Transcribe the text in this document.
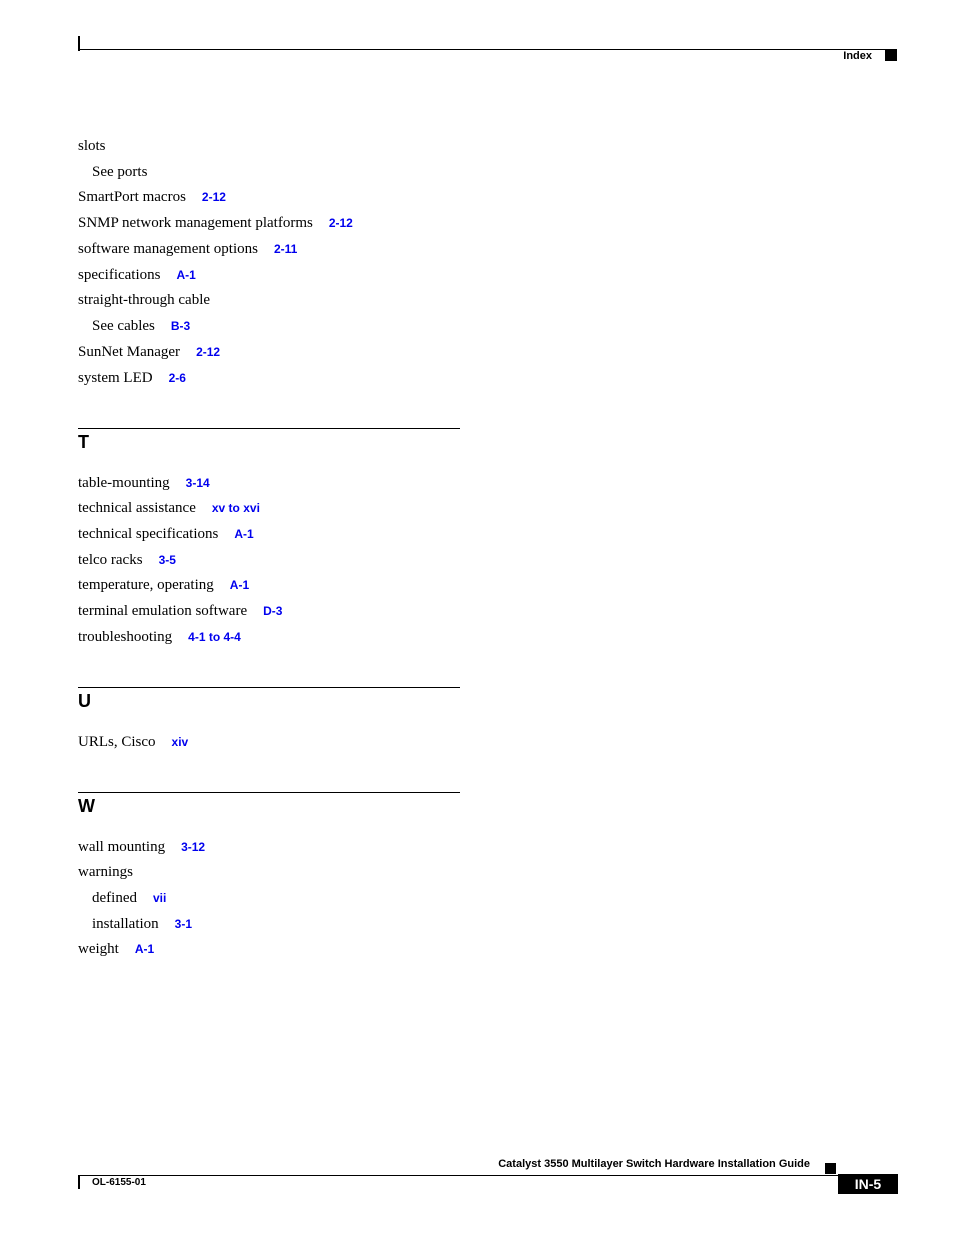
Index
slots
See ports
SmartPort macros 2-12
SNMP network management platforms 2-12
software management options 2-11
specifications A-1
straight-through cable
See cables B-3
SunNet Manager 2-12
system LED 2-6
T
table-mounting 3-14
technical assistance xv to xvi
technical specifications A-1
telco racks 3-5
temperature, operating A-1
terminal emulation software D-3
troubleshooting 4-1 to 4-4
U
URLs, Cisco xiv
W
wall mounting 3-12
warnings
defined vii
installation 3-1
weight A-1
Catalyst 3550 Multilayer Switch Hardware Installation Guide
OL-6155-01	IN-5
